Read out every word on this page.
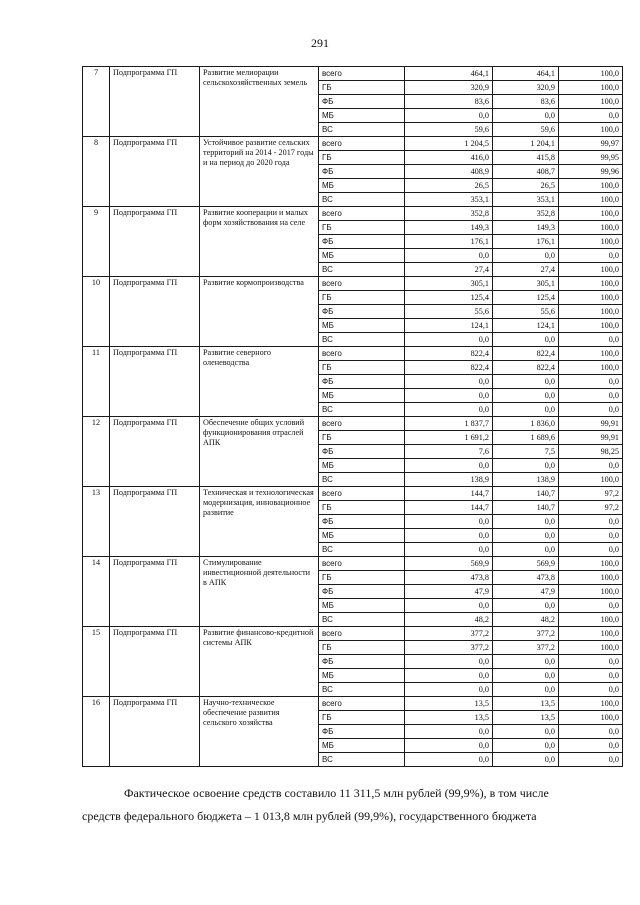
291
7	Подпрограмма ГП	Развитие мелиорации сельскохозяйственных земель	всего	464,1	464,1	100,0
			ГБ	320,9	320,9	100,0
			ФБ	83,6	83,6	100,0
			МБ	0,0	0,0	0,0
			ВС	59,6	59,6	100,0
8	Подпрограмма ГП	Устойчивое развитие сельских территорий на 2014 - 2017 годы и на период до 2020 года	всего	1 204,5	1 204,1	99,97
			ГБ	416,0	415,8	99,95
			ФБ	408,9	408,7	99,96
			МБ	26,5	26,5	100,0
			ВС	353,1	353,1	100,0
9	Подпрограмма ГП	Развитие кооперации и малых форм хозяйствования на селе	всего	352,8	352,8	100,0
			ГБ	149,3	149,3	100,0
			ФБ	176,1	176,1	100,0
			МБ	0,0	0,0	0,0
			ВС	27,4	27,4	100,0
10	Подпрограмма ГП	Развитие кормопроизводства	всего	305,1	305,1	100,0
			ГБ	125,4	125,4	100,0
			ФБ	55,6	55,6	100,0
			МБ	124,1	124,1	100,0
			ВС	0,0	0,0	0,0
11	Подпрограмма ГП	Развитие северного оленеводства	всего	822,4	822,4	100,0
			ГБ	822,4	822,4	100,0
			ФБ	0,0	0,0	0,0
			МБ	0,0	0,0	0,0
			ВС	0,0	0,0	0,0
12	Подпрограмма ГП	Обеспечение общих условий функционирования отраслей АПК	всего	1 837,7	1 836,0	99,91
			ГБ	1 691,2	1 689,6	99,91
			ФБ	7,6	7,5	98,25
			МБ	0,0	0,0	0,0
			ВС	138,9	138,9	100,0
13	Подпрограмма ГП	Техническая и технологическая модернизация, инновационное развитие	всего	144,7	140,7	97,2
			ГБ	144,7	140,7	97,2
			ФБ	0,0	0,0	0,0
			МБ	0,0	0,0	0,0
			ВС	0,0	0,0	0,0
14	Подпрограмма ГП	Стимулирование инвестиционной деятельности в АПК	всего	569,9	569,9	100,0
			ГБ	473,8	473,8	100,0
			ФБ	47,9	47,9	100,0
			МБ	0,0	0,0	0,0
			ВС	48,2	48,2	100,0
15	Подпрограмма ГП	Развитие финансово-кредитной системы АПК	всего	377,2	377,2	100,0
			ГБ	377,2	377,2	100,0
			ФБ	0,0	0,0	0,0
			МБ	0,0	0,0	0,0
			ВС	0,0	0,0	0,0
16	Подпрограмма ГП	Научно-техническое обеспечение развития сельского хозяйства	всего	13,5	13,5	100,0
			ГБ	13,5	13,5	100,0
			ФБ	0,0	0,0	0,0
			МБ	0,0	0,0	0,0
			ВС	0,0	0,0	0,0
Фактическое освоение средств составило 11 311,5 млн рублей (99,9%), в том числе
средств федерального бюджета – 1 013,8 млн рублей (99,9%), государственного бюджета
